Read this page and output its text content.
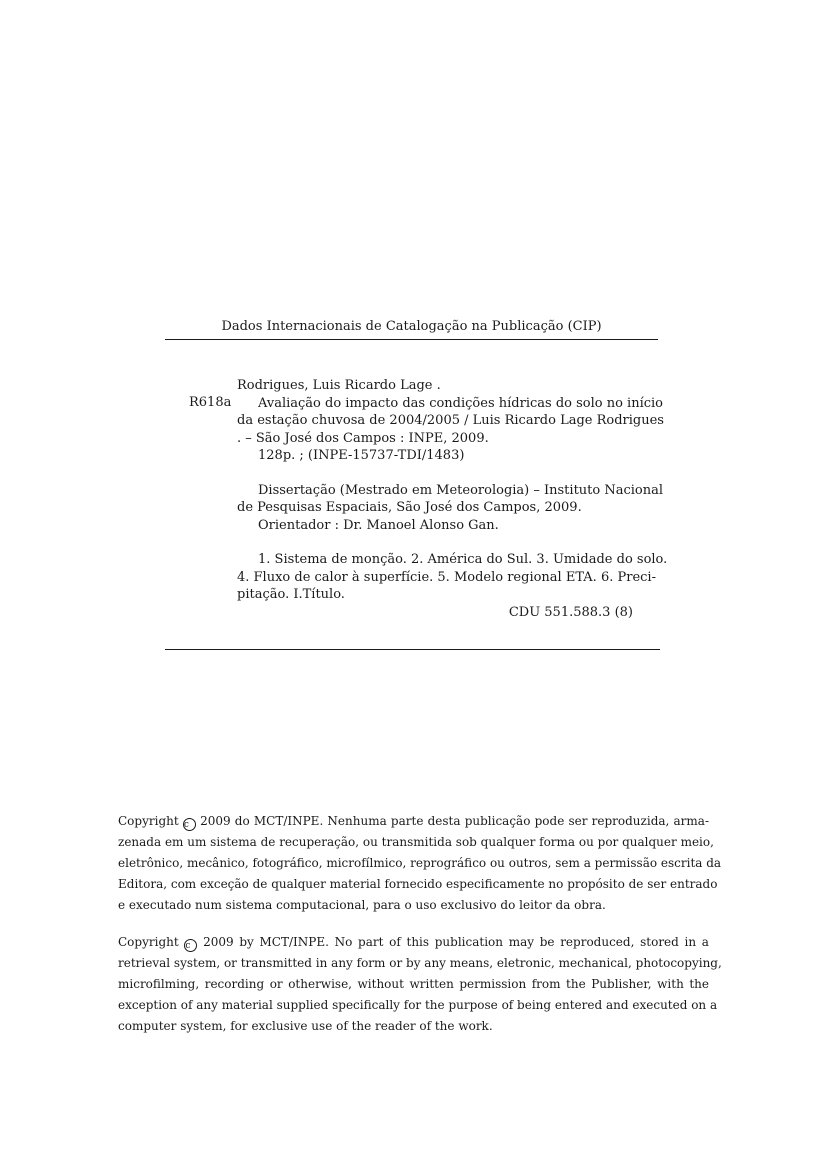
Dados Internacionais de Catalogação na Publicação (CIP)
R618a
Rodrigues, Luis Ricardo Lage .
Avaliação do impacto das condições hídricas do solo no início
da estação chuvosa de 2004/2005 / Luis Ricardo Lage Rodrigues
. – São José dos Campos : INPE, 2009.
128p. ; (INPE-15737-TDI/1483)
Dissertação (Mestrado em Meteorologia) – Instituto Nacional
de Pesquisas Espaciais, São José dos Campos, 2009.
Orientador : Dr. Manoel Alonso Gan.
1. Sistema de monção. 2. América do Sul. 3. Umidade do solo.
4. Fluxo de calor à superfície. 5. Modelo regional ETA. 6. Preci-
pitação. I.Título.
CDU 551.588.3 (8)
Copyright c 2009 do MCT/INPE. Nenhuma parte desta publicação pode ser reproduzida, arma-
zenada em um sistema de recuperação, ou transmitida sob qualquer forma ou por qualquer meio,
eletrônico, mecânico, fotográfico, microfílmico, reprográfico ou outros, sem a permissão escrita da
Editora, com exceção de qualquer material fornecido especificamente no propósito de ser entrado
e executado num sistema computacional, para o uso exclusivo do leitor da obra.
Copyright c 2009 by MCT/INPE. No part of this publication may be reproduced, stored in a
retrieval system, or transmitted in any form or by any means, eletronic, mechanical, photocopying,
microfilming, recording or otherwise, without written permission from the Publisher, with the
exception of any material supplied specifically for the purpose of being entered and executed on a
computer system, for exclusive use of the reader of the work.
